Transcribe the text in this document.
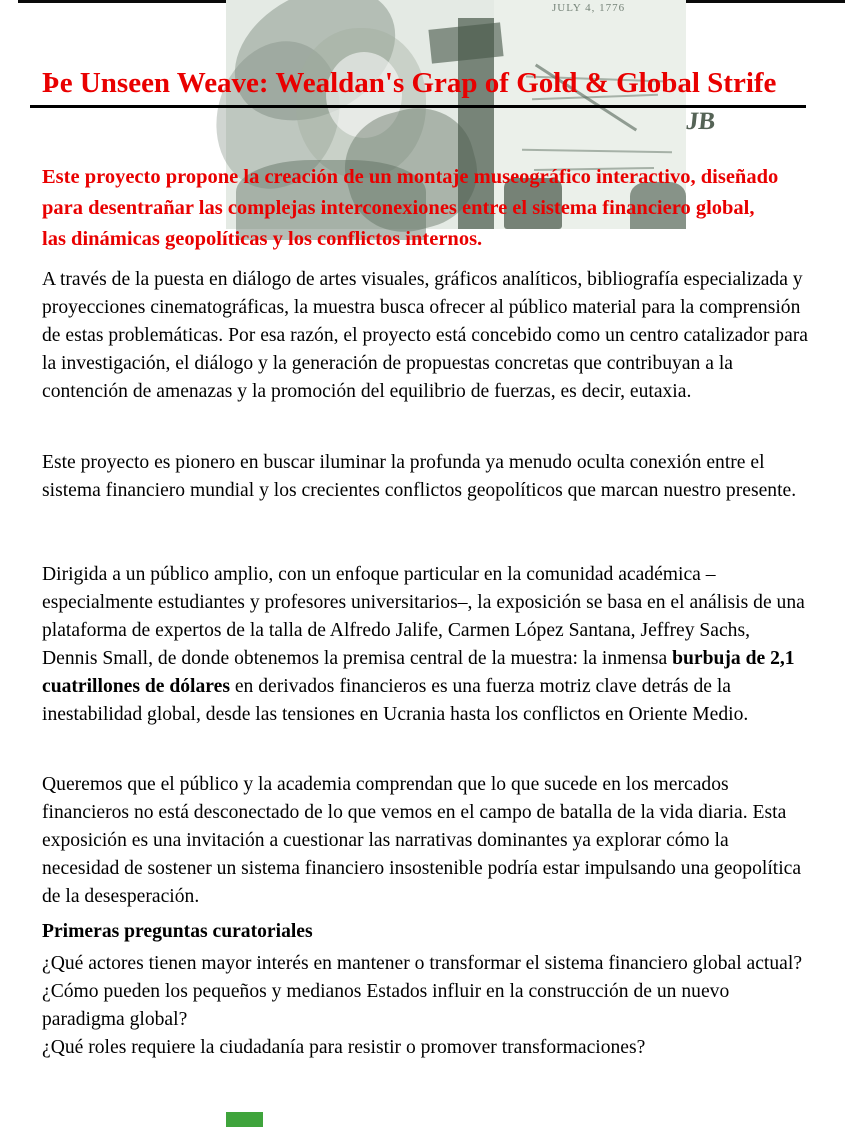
JULY 4, 1776
JB
Þe Unseen Weave: Wealdan's Grap of Gold & Global Strife

Este proyecto propone la creación de un montaje museográfico interactivo, diseñado para desentrañar las complejas interconexiones entre el sistema financiero global, las dinámicas geopolíticas y los conflictos internos.

A través de la puesta en diálogo de artes visuales, gráficos analíticos, bibliografía especializada y proyecciones cinematográficas, la muestra busca ofrecer al público material para la comprensión de estas problemáticas. Por esa razón, el proyecto está concebido como un centro catalizador para la investigación, el diálogo y la generación de propuestas concretas que contribuyan a la contención de amenazas y la promoción del equilibrio de fuerzas, es decir, eutaxia.

Este proyecto es pionero en buscar iluminar la profunda ya menudo oculta conexión entre el sistema financiero mundial y los crecientes conflictos geopolíticos que marcan nuestro presente.

Dirigida a un público amplio, con un enfoque particular en la comunidad académica –especialmente estudiantes y profesores universitarios–, la exposición se basa en el análisis de una plataforma de expertos de la talla de Alfredo Jalife, Carmen López Santana, Jeffrey Sachs, Dennis Small, de donde obtenemos la premisa central de la muestra: la inmensa burbuja de 2,1 cuatrillones de dólares en derivados financieros es una fuerza motriz clave detrás de la inestabilidad global, desde las tensiones en Ucrania hasta los conflictos en Oriente Medio.

Queremos que el público y la academia comprendan que lo que sucede en los mercados financieros no está desconectado de lo que vemos en el campo de batalla de la vida diaria. Esta exposición es una invitación a cuestionar las narrativas dominantes ya explorar cómo la necesidad de sostener un sistema financiero insostenible podría estar impulsando una geopolítica de la desesperación.

Primeras preguntas curatoriales
¿Qué actores tienen mayor interés en mantener o transformar el sistema financiero global actual?
¿Cómo pueden los pequeños y medianos Estados influir en la construcción de un nuevo paradigma global?
¿Qué roles requiere la ciudadanía para resistir o promover transformaciones?
